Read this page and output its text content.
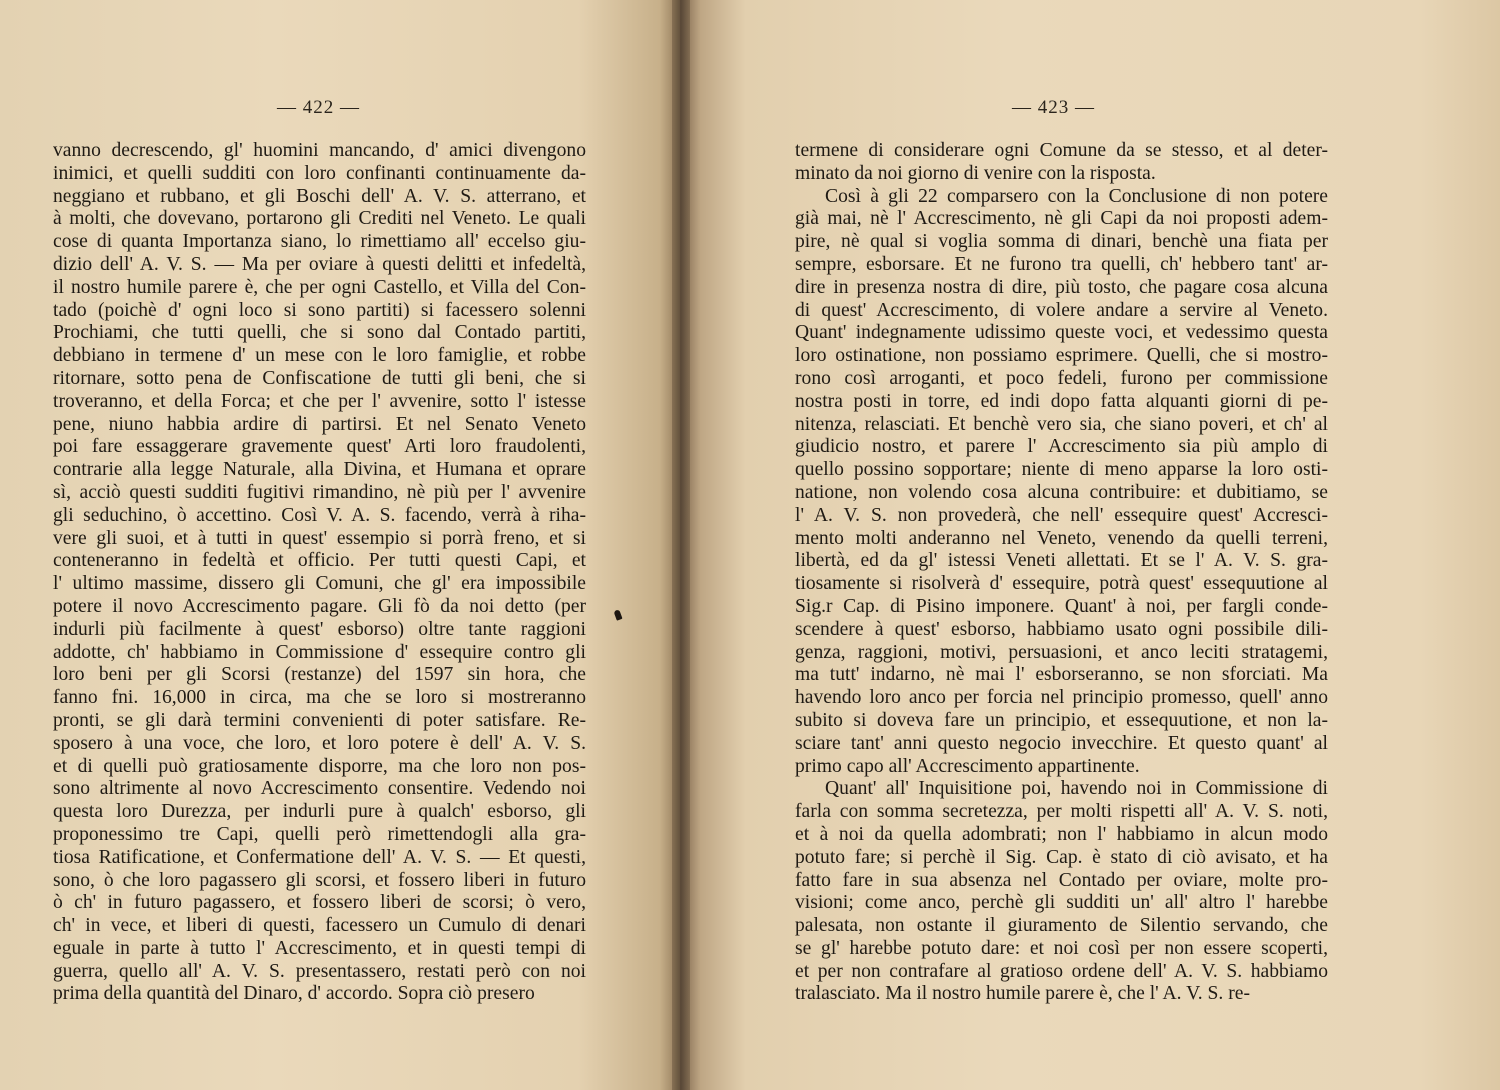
— 422 —	— 423 —
vanno decrescendo, gl' huomini mancando, d' amici divengono
inimici, et quelli sudditi con loro confinanti continuamente da-
neggiano et rubbano, et gli Boschi dell' A. V. S. atterrano, et
à molti, che dovevano, portarono gli Crediti nel Veneto. Le quali
cose di quanta Importanza siano, lo rimettiamo all' eccelso giu-
dizio dell' A. V. S. — Ma per oviare à questi delitti et infedeltà,
il nostro humile parere è, che per ogni Castello, et Villa del Con-
tado (poichè d' ogni loco si sono partiti) si facessero solenni
Prochiami, che tutti quelli, che si sono dal Contado partiti,
debbiano in termene d' un mese con le loro famiglie, et robbe
ritornare, sotto pena de Confiscatione de tutti gli beni, che si
troveranno, et della Forca; et che per l' avvenire, sotto l' istesse
pene, niuno habbia ardire di partirsi. Et nel Senato Veneto
poi fare essaggerare gravemente quest' Arti loro fraudolenti,
contrarie alla legge Naturale, alla Divina, et Humana et oprare
sì, acciò questi sudditi fugitivi rimandino, nè più per l' avvenire
gli seduchino, ò accettino. Così V. A. S. facendo, verrà à riha-
vere gli suoi, et à tutti in quest' essempio si porrà freno, et si
conteneranno in fedeltà et officio. Per tutti questi Capi, et
l' ultimo massime, dissero gli Comuni, che gl' era impossibile
potere il novo Accrescimento pagare. Gli fò da noi detto (per
indurli più facilmente à quest' esborso) oltre tante raggioni
addotte, ch' habbiamo in Commissione d' essequire contro gli
loro beni per gli Scorsi (restanze) del 1597 sin hora, che
fanno fni. 16,000 in circa, ma che se loro si mostreranno
pronti, se gli darà termini convenienti di poter satisfare. Re-
sposero à una voce, che loro, et loro potere è dell' A. V. S.
et di quelli può gratiosamente disporre, ma che loro non pos-
sono altrimente al novo Accrescimento consentire. Vedendo noi
questa loro Durezza, per indurli pure à qualch' esborso, gli
proponessimo tre Capi, quelli però rimettendogli alla gra-
tiosa Ratificatione, et Confermatione dell' A. V. S. — Et questi,
sono, ò che loro pagassero gli scorsi, et fossero liberi in futuro
ò ch' in futuro pagassero, et fossero liberi de scorsi; ò vero,
ch' in vece, et liberi di questi, facessero un Cumulo di denari
eguale in parte à tutto l' Accrescimento, et in questi tempi di
guerra, quello all' A. V. S. presentassero, restati però con noi
prima della quantità del Dinaro, d' accordo. Sopra ciò presero
termene di considerare ogni Comune da se stesso, et al deter-
minato da noi giorno di venire con la risposta.
Così à gli 22 comparsero con la Conclusione di non potere
già mai, nè l' Accrescimento, nè gli Capi da noi proposti adem-
pire, nè qual si voglia somma di dinari, benchè una fiata per
sempre, esborsare. Et ne furono tra quelli, ch' hebbero tant' ar-
dire in presenza nostra di dire, più tosto, che pagare cosa alcuna
di quest' Accrescimento, di volere andare a servire al Veneto.
Quant' indegnamente udissimo queste voci, et vedessimo questa
loro ostinatione, non possiamo esprimere. Quelli, che si mostro-
rono così arroganti, et poco fedeli, furono per commissione
nostra posti in torre, ed indi dopo fatta alquanti giorni di pe-
nitenza, relasciati. Et benchè vero sia, che siano poveri, et ch' al
giudicio nostro, et parere l' Accrescimento sia più amplo di
quello possino sopportare; niente di meno apparse la loro osti-
natione, non volendo cosa alcuna contribuire: et dubitiamo, se
l' A. V. S. non provederà, che nell' essequire quest' Accresci-
mento molti anderanno nel Veneto, venendo da quelli terreni,
libertà, ed da gl' istessi Veneti allettati. Et se l' A. V. S. gra-
tiosamente si risolverà d' essequire, potrà quest' essequutione al
Sig.r Cap. di Pisino imponere. Quant' à noi, per fargli conde-
scendere à quest' esborso, habbiamo usato ogni possibile dili-
genza, raggioni, motivi, persuasioni, et anco leciti stratagemi,
ma tutt' indarno, nè mai l' esborseranno, se non sforciati. Ma
havendo loro anco per forcia nel principio promesso, quell' anno
subito si doveva fare un principio, et essequutione, et non la-
sciare tant' anni questo negocio invecchire. Et questo quant' al
primo capo all' Accrescimento appartinente.
Quant' all' Inquisitione poi, havendo noi in Commissione di
farla con somma secretezza, per molti rispetti all' A. V. S. noti,
et à noi da quella adombrati; non l' habbiamo in alcun modo
potuto fare; si perchè il Sig. Cap. è stato di ciò avisato, et ha
fatto fare in sua absenza nel Contado per oviare, molte pro-
visioni; come anco, perchè gli sudditi un' all' altro l' harebbe
palesata, non ostante il giuramento de Silentio servando, che
se gl' harebbe potuto dare: et noi così per non essere scoperti,
et per non contrafare al gratioso ordene dell' A. V. S. habbiamo
tralasciato. Ma il nostro humile parere è, che l' A. V. S. re-
